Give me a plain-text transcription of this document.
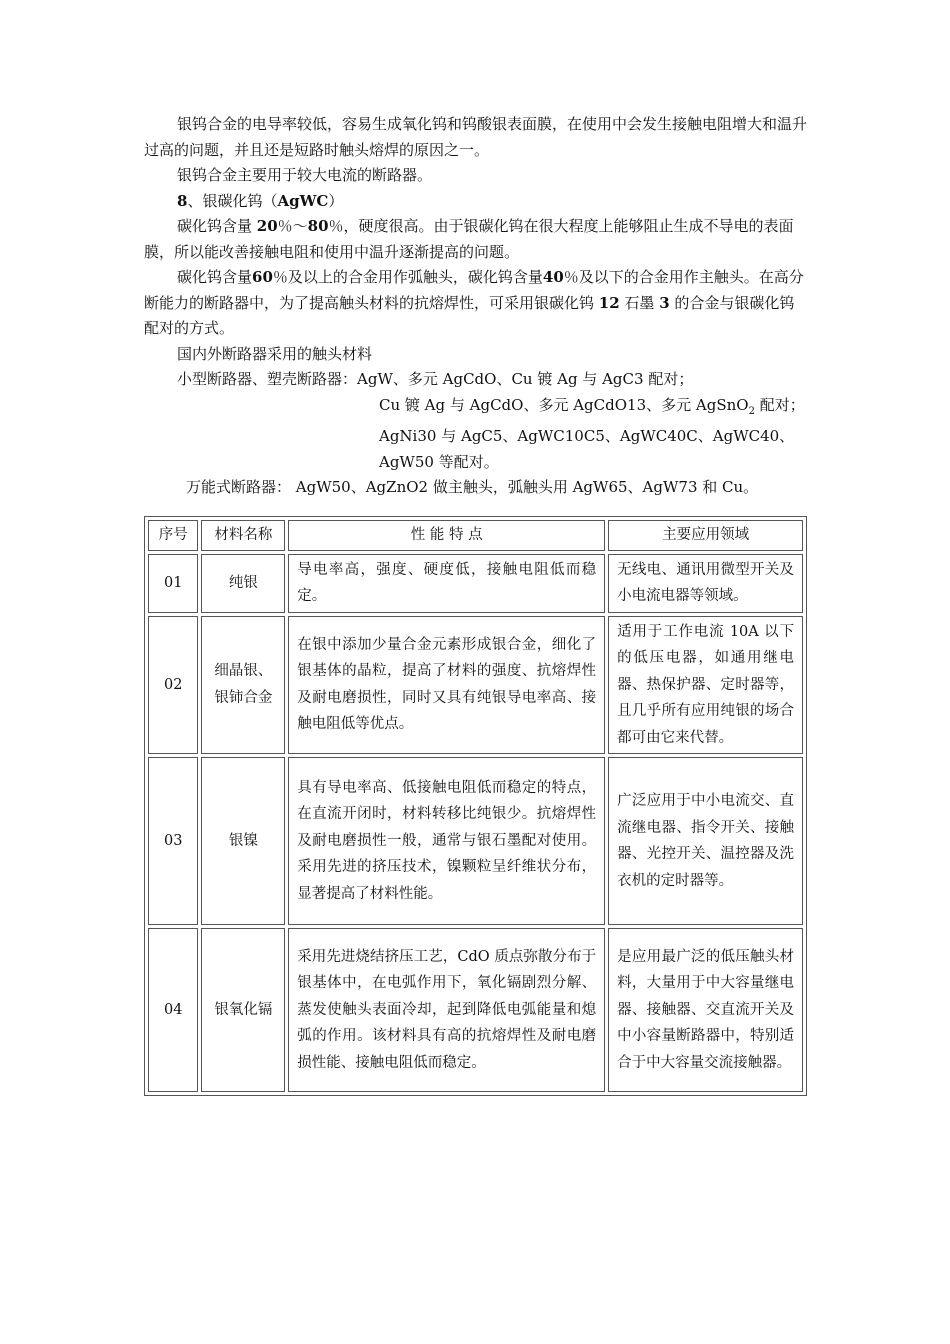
银钨合金的电导率较低，容易生成氧化钨和钨酸银表面膜，在使用中会发生接触电阻增大和温升过高的问题，并且还是短路时触头熔焊的原因之一。

银钨合金主要用于较大电流的断路器。

8、银碳化钨（AgWC）

碳化钨含量 20％～80％，硬度很高。由于银碳化钨在很大程度上能够阻止生成不导电的表面膜，所以能改善接触电阻和使用中温升逐渐提高的问题。

碳化钨含量60％及以上的合金用作弧触头，碳化钨含量40％及以下的合金用作主触头。在高分断能力的断路器中，为了提高触头材料的抗熔焊性，可采用银碳化钨 12 石墨 3 的合金与银碳化钨配对的方式。

国内外断路器采用的触头材料

小型断路器、塑壳断路器：AgW、多元 AgCdO、Cu 镀 Ag 与 AgC3 配对；

Cu 镀 Ag 与 AgCdO、多元 AgCdO13、多元 AgSnO$_2$ 配对；

AgNi30 与 AgC5、AgWC10C5、AgWC40C、AgWC40、

AgW50 等配对。

万能式断路器： AgW50、AgZnO2 做主触头，弧触头用 AgW65、AgW73 和 Cu。

序号	材料名称	性 能 特 点	主要应用领域
01	纯银	导电率高，强度、硬度低，接触电阻低而稳定。	无线电、通讯用微型开关及小电流电器等领域。
02	细晶银、银铈合金	在银中添加少量合金元素形成银合金，细化了银基体的晶粒，提高了材料的强度、抗熔焊性及耐电磨损性，同时又具有纯银导电率高、接触电阻低等优点。	适用于工作电流 10A 以下的低压电器，如通用继电器、热保护器、定时器等，且几乎所有应用纯银的场合都可由它来代替。
03	银镍	具有导电率高、低接触电阻低而稳定的特点，在直流开闭时，材料转移比纯银少。抗熔焊性及耐电磨损性一般，通常与银石墨配对使用。采用先进的挤压技术，镍颗粒呈纤维状分布，显著提高了材料性能。	广泛应用于中小电流交、直流继电器、指令开关、接触器、光控开关、温控器及洗衣机的定时器等。
04	银氧化镉	采用先进烧结挤压工艺，CdO 质点弥散分布于银基体中，在电弧作用下，氧化镉剧烈分解、蒸发使触头表面冷却，起到降低电弧能量和熄弧的作用。该材料具有高的抗熔焊性及耐电磨损性能、接触电阻低而稳定。	是应用最广泛的低压触头材料，大量用于中大容量继电器、接触器、交直流开关及中小容量断路器中，特别适合于中大容量交流接触器。
